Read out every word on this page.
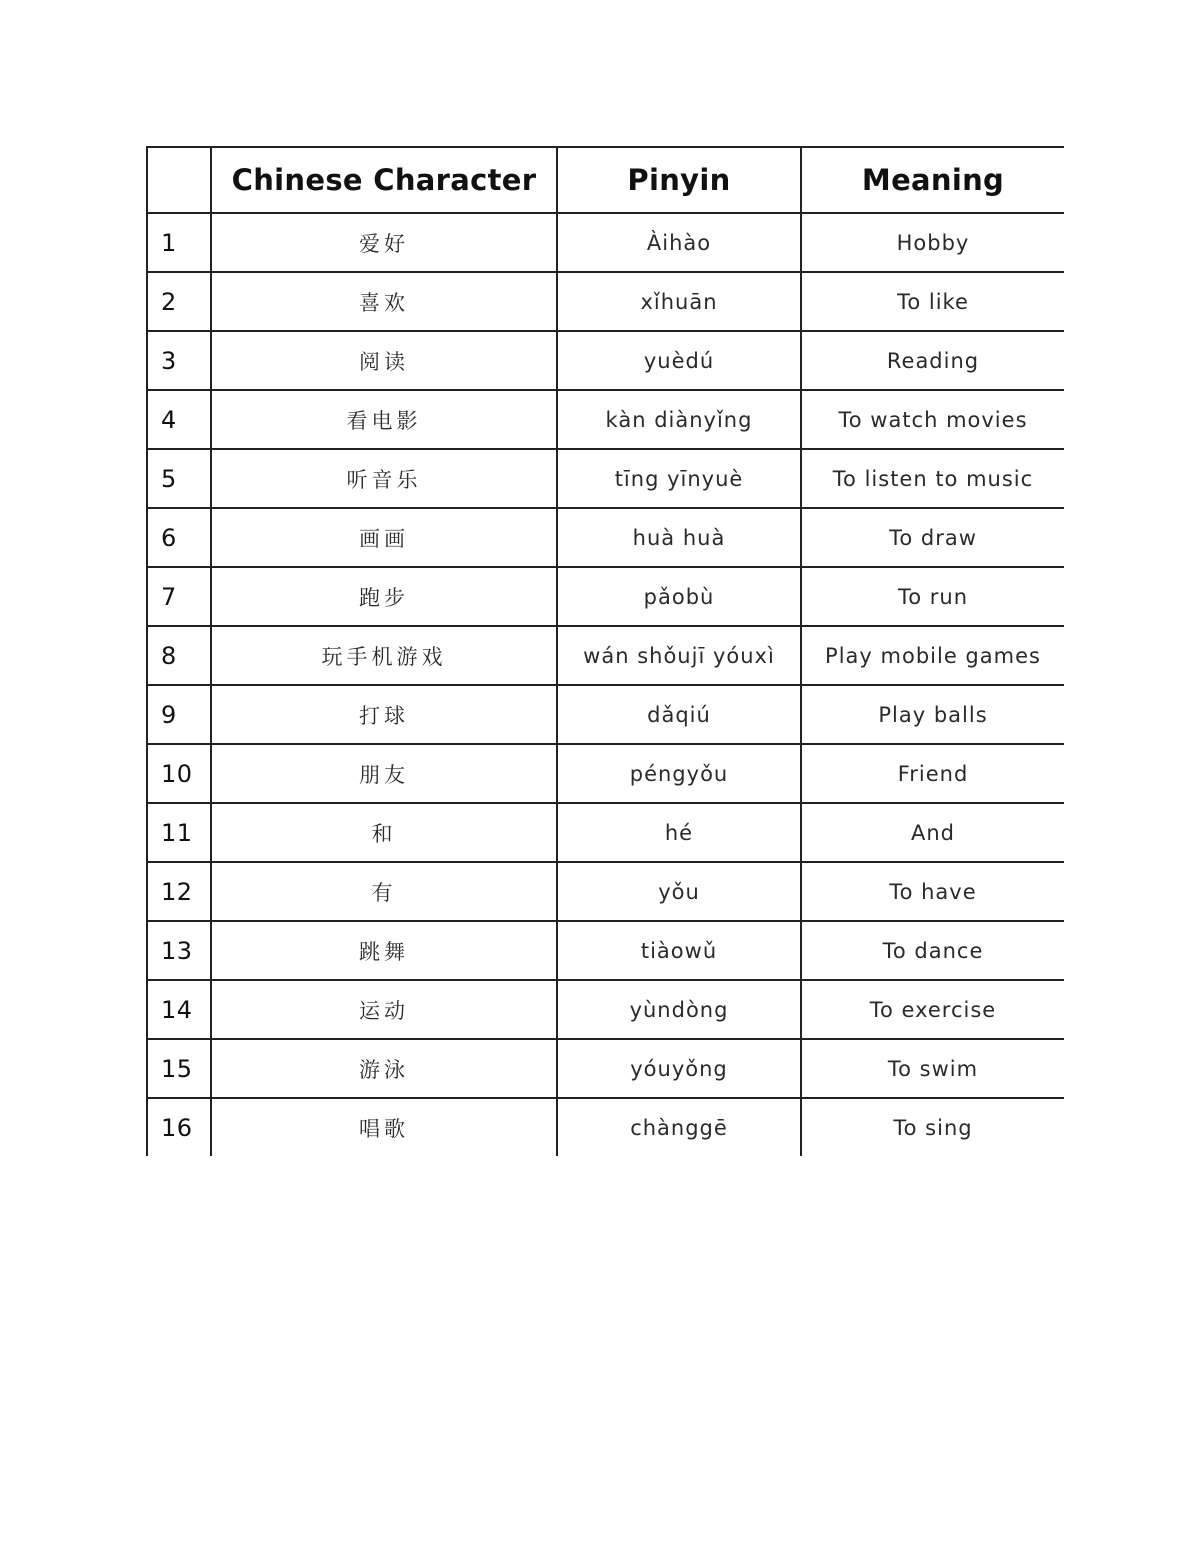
	Chinese Character	Pinyin	Meaning
1	爱好	Àihào	Hobby
2	喜欢	xǐhuān	To like
3	阅读	yuèdú	Reading
4	看电影	kàn diànyǐng	To watch movies
5	听音乐	tīng yīnyuè	To listen to music
6	画画	huà huà	To draw
7	跑步	pǎobù	To run
8	玩手机游戏	wán shǒujī yóuxì	Play mobile games
9	打球	dǎqiú	Play balls
10	朋友	péngyǒu	Friend
11	和	hé	And
12	有	yǒu	To have
13	跳舞	tiàowǔ	To dance
14	运动	yùndòng	To exercise
15	游泳	yóuyǒng	To swim
16	唱歌	chànggē	To sing
